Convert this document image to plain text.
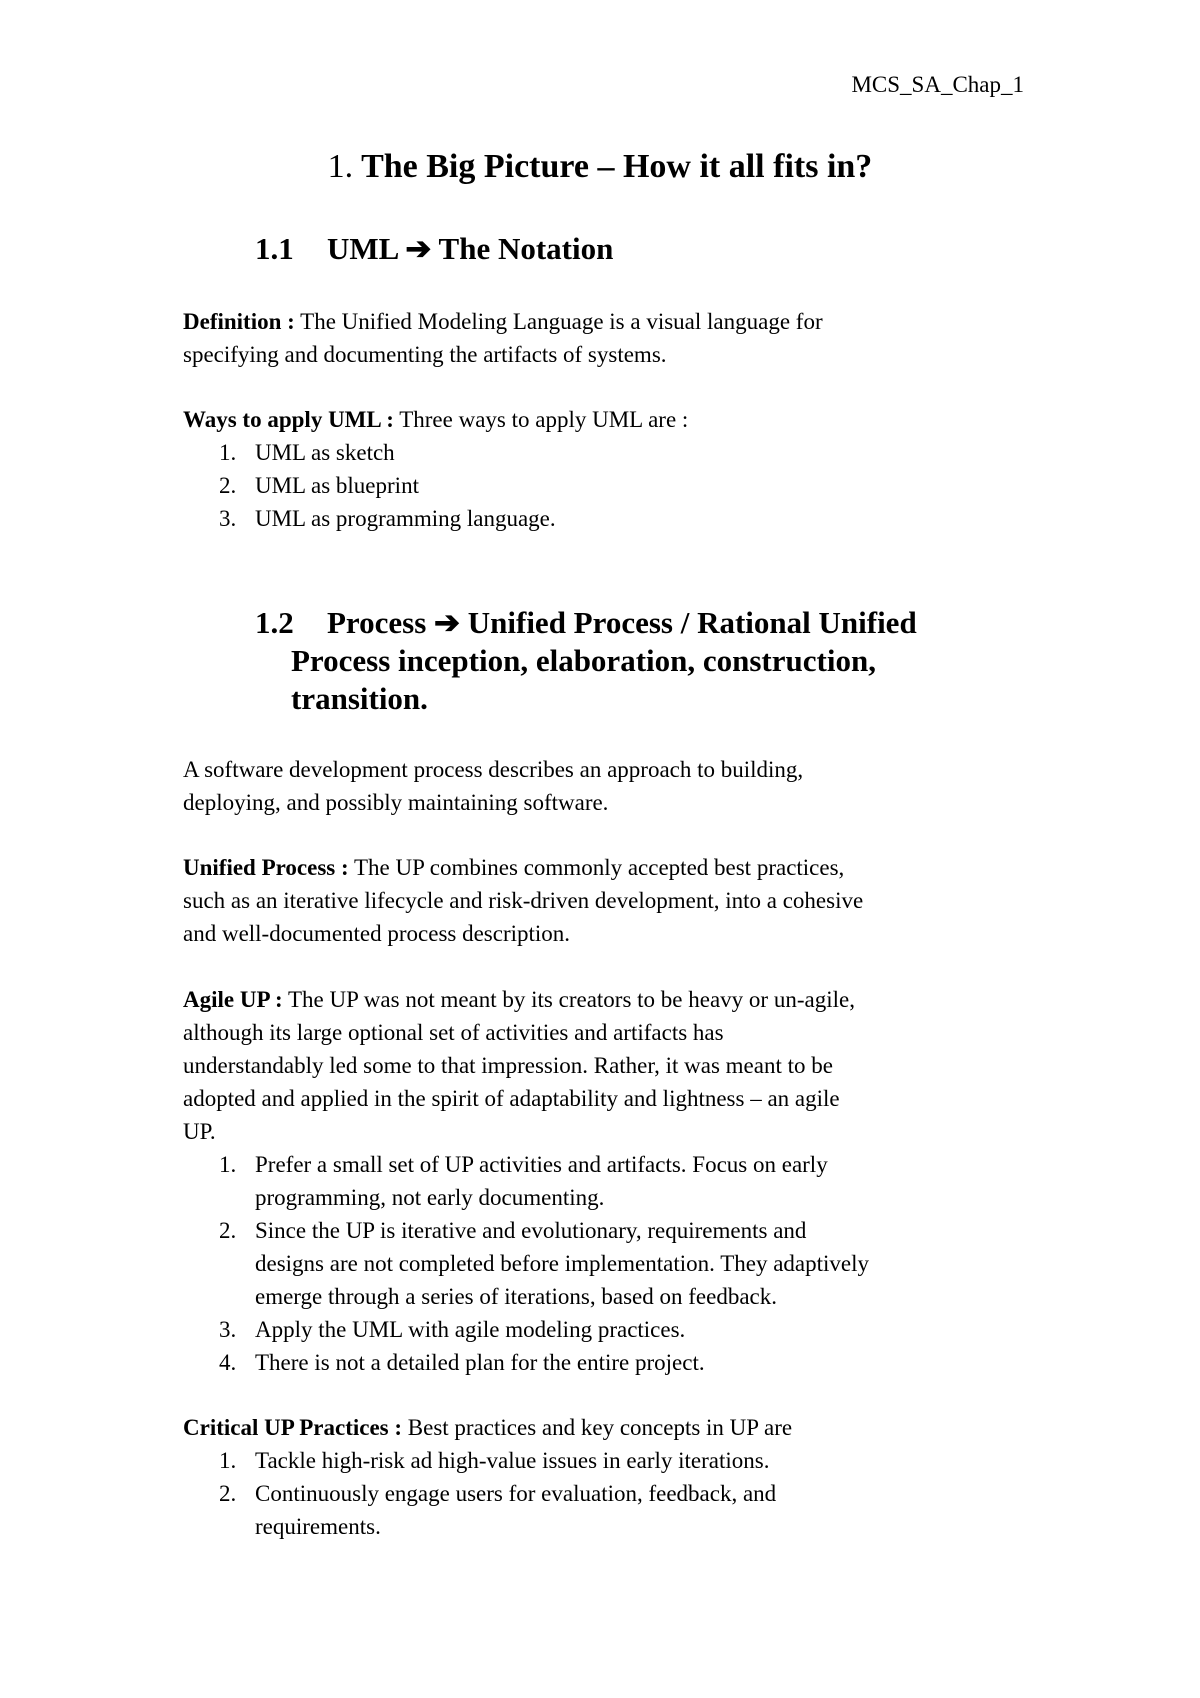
MCS_SA_Chap_1
1. The Big Picture – How it all fits in?
1.1 UML ➔ The Notation
Definition : The Unified Modeling Language is a visual language for
specifying and documenting the artifacts of systems.
Ways to apply UML : Three ways to apply UML are :
1. UML as sketch
2. UML as blueprint
3. UML as programming language.
1.2 Process ➔ Unified Process / Rational Unified
Process inception, elaboration, construction,
transition.
A software development process describes an approach to building,
deploying, and possibly maintaining software.
Unified Process : The UP combines commonly accepted best practices,
such as an iterative lifecycle and risk-driven development, into a cohesive
and well-documented process description.
Agile UP : The UP was not meant by its creators to be heavy or un-agile,
although its large optional set of activities and artifacts has
understandably led some to that impression. Rather, it was meant to be
adopted and applied in the spirit of adaptability and lightness – an agile
UP.
1. Prefer a small set of UP activities and artifacts. Focus on early
programming, not early documenting.
2. Since the UP is iterative and evolutionary, requirements and
designs are not completed before implementation. They adaptively
emerge through a series of iterations, based on feedback.
3. Apply the UML with agile modeling practices.
4. There is not a detailed plan for the entire project.
Critical UP Practices : Best practices and key concepts in UP are
1. Tackle high-risk ad high-value issues in early iterations.
2. Continuously engage users for evaluation, feedback, and
requirements.
